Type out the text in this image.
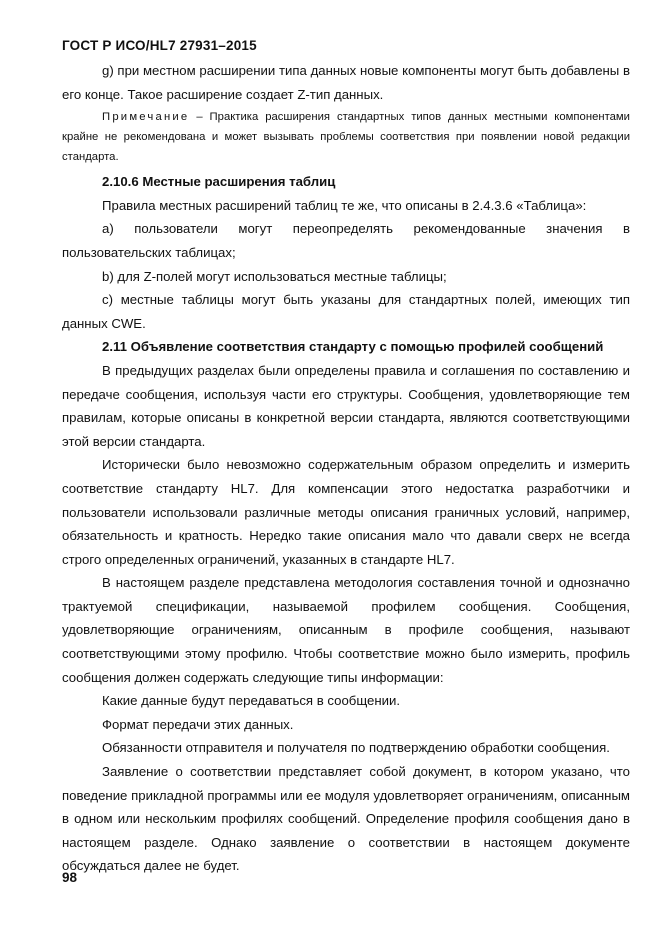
ГОСТ Р ИСО/HL7 27931–2015

g) при местном расширении типа данных новые компоненты могут быть добавлены в его конце. Такое расширение создает Z-тип данных.

Примечание – Практика расширения стандартных типов данных местными компонентами крайне не рекомендована и может вызывать проблемы соответствия при появлении новой редакции стандарта.

2.10.6 Местные расширения таблиц

Правила местных расширений таблиц те же, что описаны в 2.4.3.6 «Таблица»:

а) пользователи могут переопределять рекомендованные значения в пользовательских таблицах;

b) для Z-полей могут использоваться местные таблицы;

c) местные таблицы могут быть указаны для стандартных полей, имеющих тип данных CWE.

2.11 Объявление соответствия стандарту с помощью профилей сообщений

В предыдущих разделах были определены правила и соглашения по составлению и передаче сообщения, используя части его структуры. Сообщения, удовлетворяющие тем правилам, которые описаны в конкретной версии стандарта, являются соответствующими этой версии стандарта.

Исторически было невозможно содержательным образом определить и измерить соответствие стандарту HL7. Для компенсации этого недостатка разработчики и пользователи использовали различные методы описания граничных условий, например, обязательность и кратность. Нередко такие описания мало что давали сверх не всегда строго определенных ограничений, указанных в стандарте HL7.

В настоящем разделе представлена методология составления точной и однозначно трактуемой спецификации, называемой профилем сообщения. Сообщения, удовлетворяющие ограничениям, описанным в профиле сообщения, называют соответствующими этому профилю. Чтобы соответствие можно было измерить, профиль сообщения должен содержать следующие типы информации:

Какие данные будут передаваться в сообщении.

Формат передачи этих данных.

Обязанности отправителя и получателя по подтверждению обработки сообщения.

Заявление о соответствии представляет собой документ, в котором указано, что поведение прикладной программы или ее модуля удовлетворяет ограничениям, описанным в одном или нескольким профилях сообщений. Определение профиля сообщения дано в настоящем разделе. Однако заявление о соответствии в настоящем документе обсуждаться далее не будет.

98
